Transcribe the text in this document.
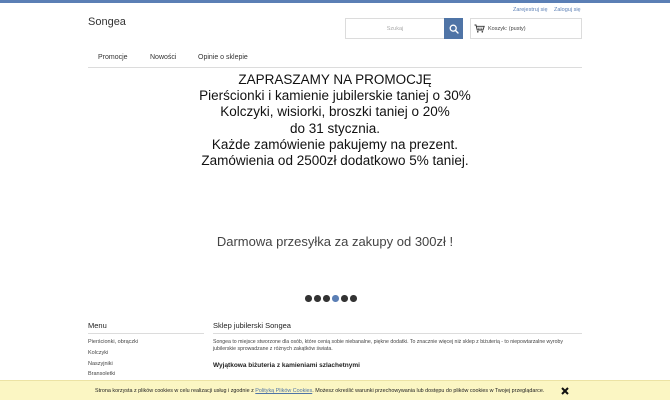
Songea
Zarejestruj się Zaloguj się
Szukaj
Koszyk: (pusty)
Promocje	Nowości	Opinie o sklepie
ZAPRASZAMY NA PROMOCJĘ
Pierścionki i kamienie jubilerskie taniej o 30%
Kolczyki, wisiorki, broszki taniej o 20%
do 31 stycznia.
Każde zamówienie pakujemy na prezent.
Zamówienia od 2500zł dodatkowo 5% taniej.
Darmowa przesyłka za zakupy od 300zł !
Menu
Pierścionki, obrączki
Kolczyki
Naszyjniki
Bransoletki
Sklep jubilerski Songea
Songea to miejsce stworzone dla osób, które cenią sobie niebanalne, piękne dodatki. To znacznie więcej niż sklep z biżuterią - to niepowtarzalne wyroby jubilerskie sprowadzane z różnych zakątków świata.
Wyjątkowa biżuteria z kamieniami szlachetnymi
Strona korzysta z plików cookies w celu realizacji usług i zgodnie z Polityką Plików Cookies. Możesz określić warunki przechowywania lub dostępu do plików cookies w Twojej przeglądarce.
